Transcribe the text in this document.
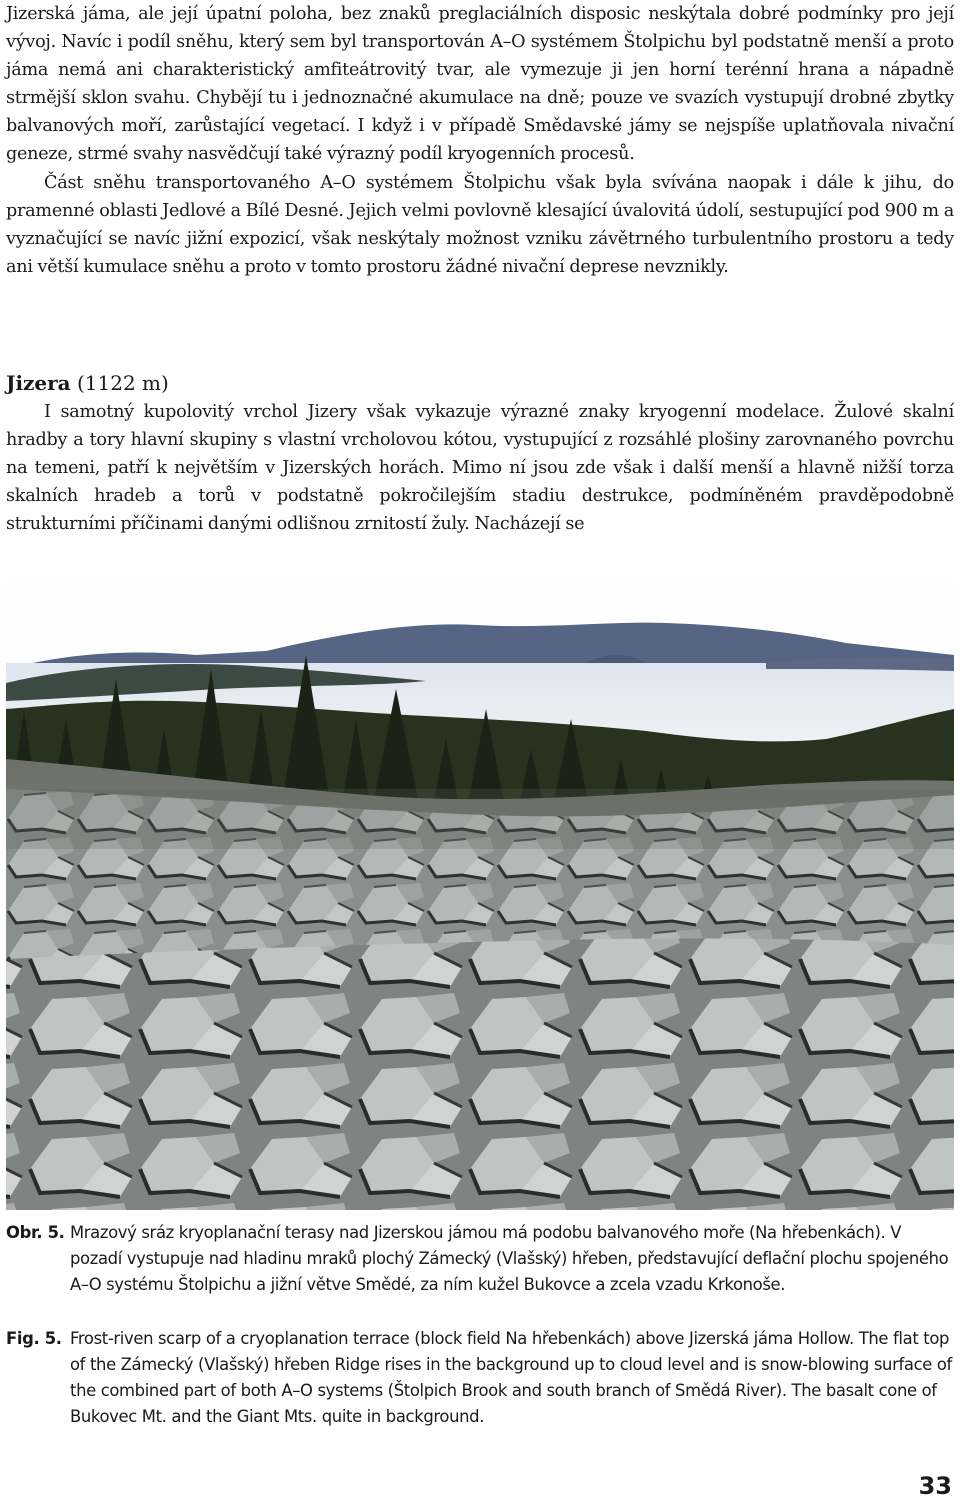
Jizerská jáma, ale její úpatní poloha, bez znaků preglaciálních disposic neskýtala dobré podmínky pro její vývoj. Navíc i podíl sněhu, který sem byl transportován A–O systémem Štolpichu byl podstatně menší a proto jáma nemá ani charakteristický amfiteátrovitý tvar, ale vymezuje ji jen horní terénní hrana a nápadně strmější sklon svahu. Chybějí tu i jednoznačné akumulace na dně; pouze ve svazích vystupují drobné zbytky balvanových moří, zarůstající vegetací. I když i v případě Smědavské jámy se nejspíše uplatňovala nivační geneze, strmé svahy nasvědčují také výrazný podíl kryogenních procesů.

Část sněhu transportovaného A–O systémem Štolpichu však byla svívána naopak i dále k jihu, do pramenné oblasti Jedlové a Bílé Desné. Jejich velmi povlovně klesající úvalovitá údolí, sestupující pod 900 m a vyznačující se navíc jižní expozicí, však neskýtaly možnost vzniku závětrného turbulentního prostoru a tedy ani větší kumulace sněhu a proto v tomto prostoru žádné nivační deprese nevznikly.

Jizera (1122 m)

I samotný kupolovitý vrchol Jizery však vykazuje výrazné znaky kryogenní modelace. Žulové skalní hradby a tory hlavní skupiny s vlastní vrcholovou kótou, vystupující z rozsáhlé plošiny zarovnaného povrchu na temeni, patří k největším v Jizerských horách. Mimo ní jsou zde však i další menší a hlavně nižší torza skalních hradeb a torů v podstatně pokročilejším stadiu destrukce, podmíněném pravděpodobně strukturními příčinami danými odlišnou zrnitostí žuly. Nacházejí se

Obr. 5. Mrazový sráz kryoplanační terasy nad Jizerskou jámou má podobu balvanového moře (Na hřebenkách). V pozadí vystupuje nad hladinu mraků plochý Zámecký (Vlašský) hřeben, představující deflační plochu spojeného A–O systému Štolpichu a jižní větve Smědé, za ním kužel Bukovce a zcela vzadu Krkonoše.
Fig. 5. Frost-riven scarp of a cryoplanation terrace (block field Na hřebenkách) above Jizerská jáma Hollow. The flat top of the Zámecký (Vlašský) hřeben Ridge rises in the background up to cloud level and is snow-blowing surface of the combined part of both A–O systems (Štolpich Brook and south branch of Smědá River). The basalt cone of Bukovec Mt. and the Giant Mts. quite in background.
33
